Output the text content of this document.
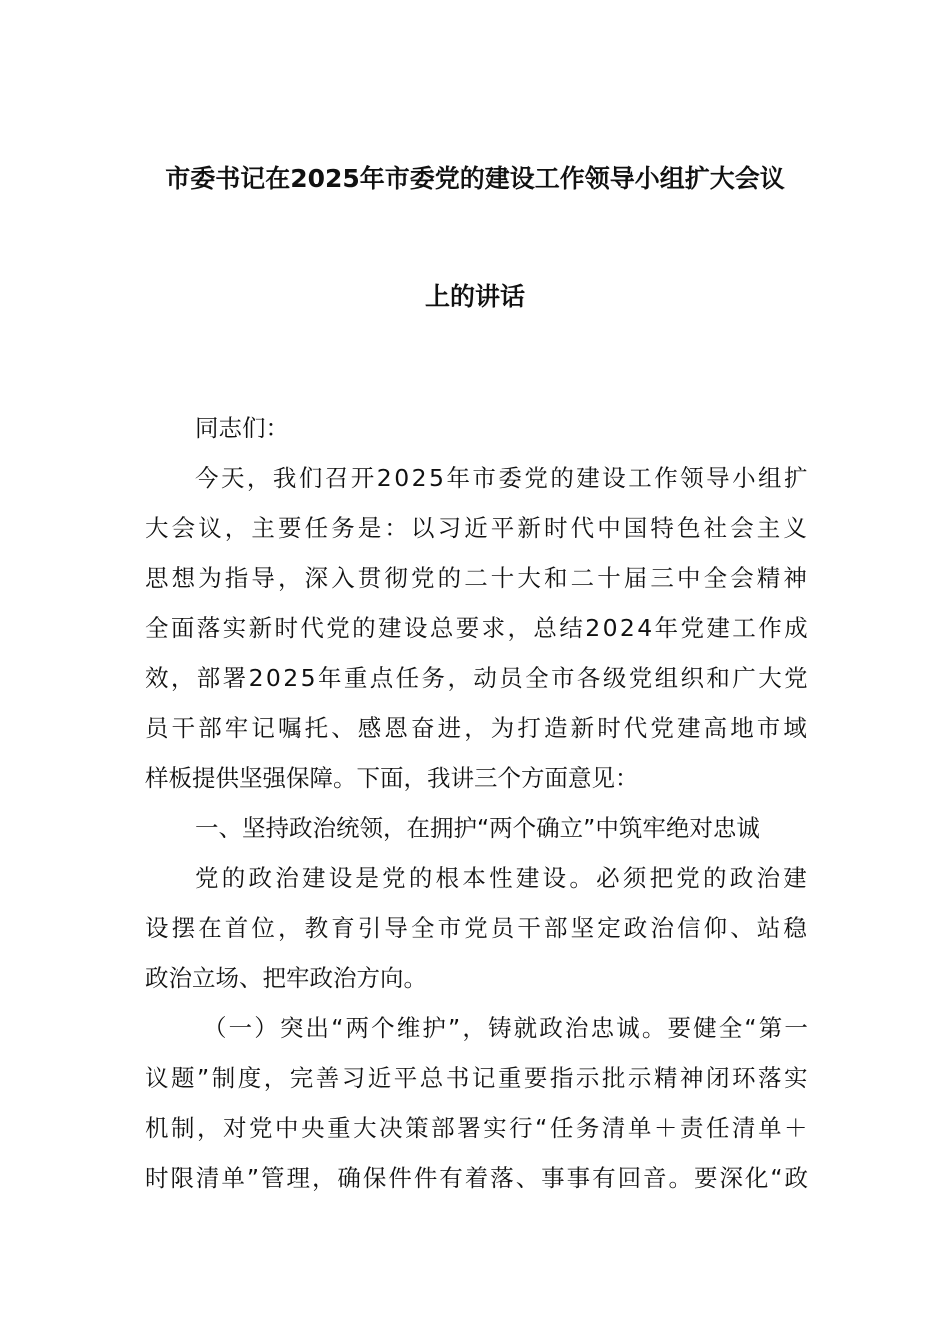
市委书记在2025年市委党的建设工作领导小组扩大会议
上的讲话
同志们：
今天，我们召开2025年市委党的建设工作领导小组扩
大会议，主要任务是：以习近平新时代中国特色社会主义
思想为指导，深入贯彻党的二十大和二十届三中全会精神
全面落实新时代党的建设总要求，总结2024年党建工作成
效，部署2025年重点任务，动员全市各级党组织和广大党
员干部牢记嘱托、感恩奋进，为打造新时代党建高地市域
样板提供坚强保障。下面，我讲三个方面意见：
一、坚持政治统领，在拥护“两个确立”中筑牢绝对忠诚
党的政治建设是党的根本性建设。必须把党的政治建
设摆在首位，教育引导全市党员干部坚定政治信仰、站稳
政治立场、把牢政治方向。
（一）突出“两个维护”，铸就政治忠诚。要健全“第一
议题”制度，完善习近平总书记重要指示批示精神闭环落实
机制，对党中央重大决策部署实行“任务清单＋责任清单＋
时限清单”管理，确保件件有着落、事事有回音。要深化“政
